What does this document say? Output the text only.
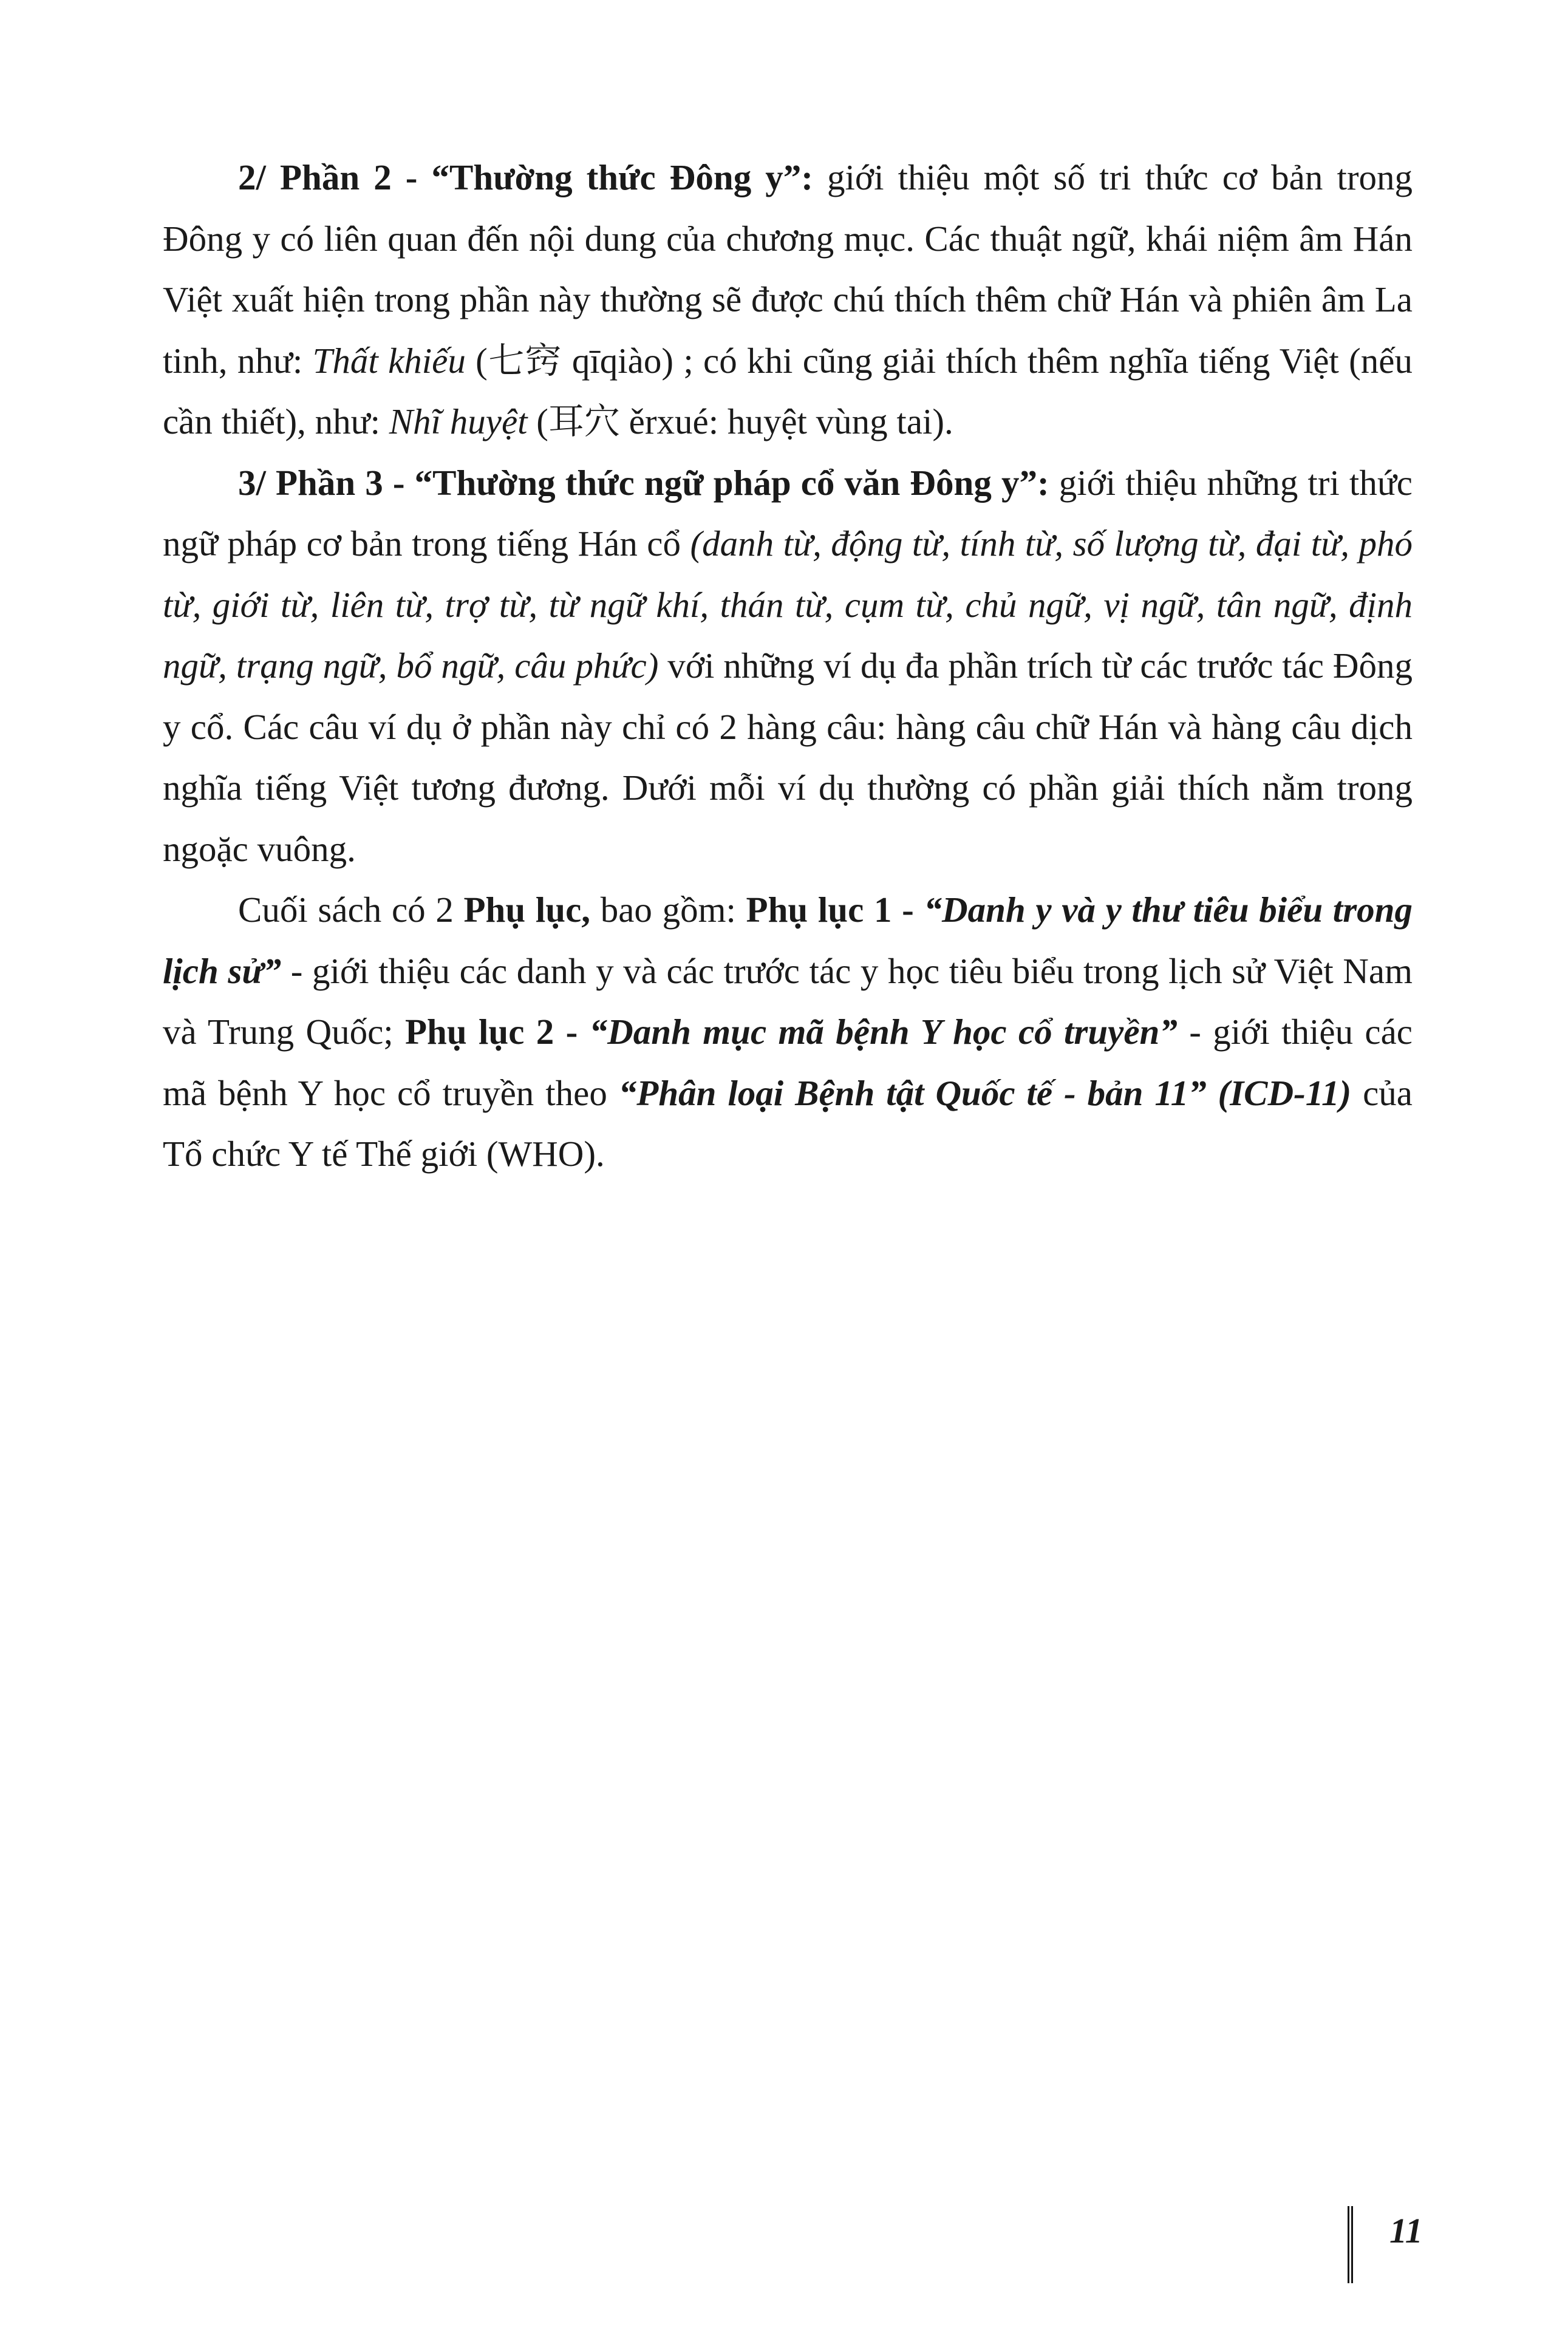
2/ Phần 2 - “Thường thức Đông y”: giới thiệu một số tri thức cơ bản trong Đông y có liên quan đến nội dung của chương mục. Các thuật ngữ, khái niệm âm Hán Việt xuất hiện trong phần này thường sẽ được chú thích thêm chữ Hán và phiên âm La tinh, như: Thất khiếu (七窍 qīqiào) ; có khi cũng giải thích thêm nghĩa tiếng Việt (nếu cần thiết), như: Nhĩ huyệt (耳穴 ěrxué: huyệt vùng tai).

3/ Phần 3 - “Thường thức ngữ pháp cổ văn Đông y”: giới thiệu những tri thức ngữ pháp cơ bản trong tiếng Hán cổ (danh từ, động từ, tính từ, số lượng từ, đại từ, phó từ, giới từ, liên từ, trợ từ, từ ngữ khí, thán từ, cụm từ, chủ ngữ, vị ngữ, tân ngữ, định ngữ, trạng ngữ, bổ ngữ, câu phức) với những ví dụ đa phần trích từ các trước tác Đông y cổ. Các câu ví dụ ở phần này chỉ có 2 hàng câu: hàng câu chữ Hán và hàng câu dịch nghĩa tiếng Việt tương đương. Dưới mỗi ví dụ thường có phần giải thích nằm trong ngoặc vuông.

Cuối sách có 2 Phụ lục, bao gồm: Phụ lục 1 - “Danh y và y thư tiêu biểu trong lịch sử” - giới thiệu các danh y và các trước tác y học tiêu biểu trong lịch sử Việt Nam và Trung Quốc; Phụ lục 2 - “Danh mục mã bệnh Y học cổ truyền” - giới thiệu các mã bệnh Y học cổ truyền theo “Phân loại Bệnh tật Quốc tế - bản 11” (ICD-11) của Tổ chức Y tế Thế giới (WHO).

11
